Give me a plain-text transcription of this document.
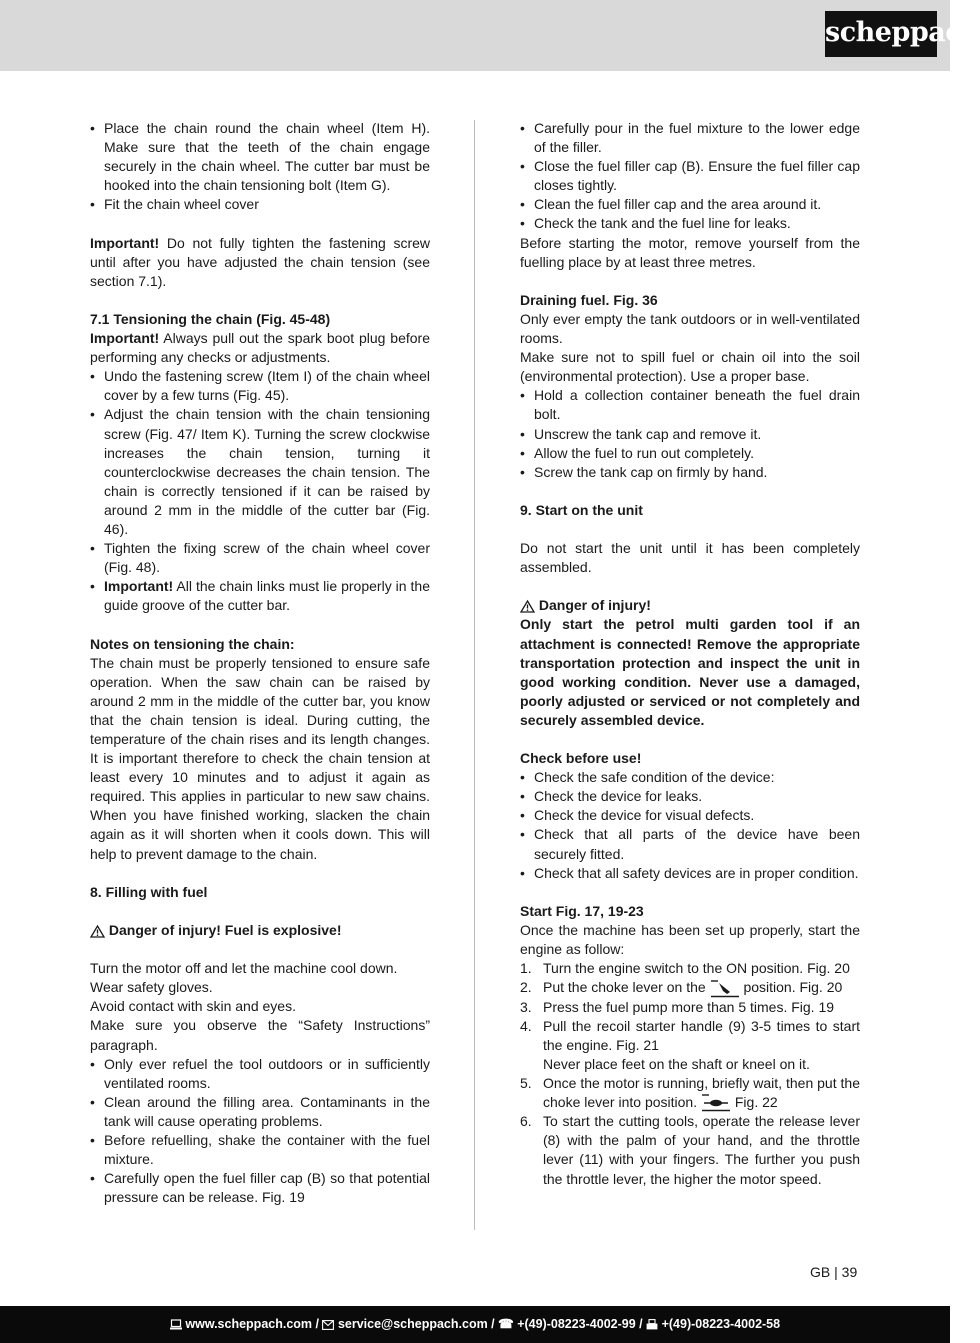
scheppach
• Place the chain round the chain wheel (Item H). Make sure that the teeth of the chain engage securely in the chain wheel. The cutter bar must be hooked into the chain tensioning bolt (Item G).
• Fit the chain wheel cover
Important! Do not fully tighten the fastening screw until after you have adjusted the chain tension (see section 7.1).
7.1 Tensioning the chain (Fig. 45-48)
Important! Always pull out the spark boot plug before performing any checks or adjustments.
• Undo the fastening screw (Item I) of the chain wheel cover by a few turns (Fig. 45).
• Adjust the chain tension with the chain tensioning screw (Fig. 47/ Item K). Turning the screw clockwise increases the chain tension, turning it counterclockwise decreases the chain tension. The chain is correctly tensioned if it can be raised by around 2 mm in the middle of the cutter bar (Fig. 46).
• Tighten the fixing screw of the chain wheel cover (Fig. 48).
• Important! All the chain links must lie properly in the guide groove of the cutter bar.
Notes on tensioning the chain:
The chain must be properly tensioned to ensure safe operation. When the saw chain can be raised by around 2 mm in the middle of the cutter bar, you know that the chain tension is ideal. During cutting, the temperature of the chain rises and its length changes. It is important therefore to check the chain tension at least every 10 minutes and to adjust it again as required. This applies in particular to new saw chains. When you have finished working, slacken the chain again as it will shorten when it cools down. This will help to prevent damage to the chain.
8. Filling with fuel
Danger of injury! Fuel is explosive!
Turn the motor off and let the machine cool down.
Wear safety gloves.
Avoid contact with skin and eyes.
Make sure you observe the “Safety Instructions” paragraph.
• Only ever refuel the tool outdoors or in sufficiently ventilated rooms.
• Clean around the filling area. Contaminants in the tank will cause operating problems.
• Before refuelling, shake the container with the fuel mixture.
• Carefully open the fuel filler cap (B) so that potential pressure can be release. Fig. 19
• Carefully pour in the fuel mixture to the lower edge of the filler.
• Close the fuel filler cap (B). Ensure the fuel filler cap closes tightly.
• Clean the fuel filler cap and the area around it.
• Check the tank and the fuel line for leaks.
Before starting the motor, remove yourself from the fuelling place by at least three metres.
Draining fuel. Fig. 36
Only ever empty the tank outdoors or in well-ventilated rooms.
Make sure not to spill fuel or chain oil into the soil (environmental protection). Use a proper base.
• Hold a collection container beneath the fuel drain bolt.
• Unscrew the tank cap and remove it.
• Allow the fuel to run out completely.
• Screw the tank cap on firmly by hand.
9. Start on the unit
Do not start the unit until it has been completely assembled.
Danger of injury!
Only start the petrol multi garden tool if an attachment is connected! Remove the appropriate transportation protection and inspect the unit in good working condition. Never use a damaged, poorly adjusted or serviced or not completely and securely assembled device.
Check before use!
• Check the safe condition of the device:
• Check the device for leaks.
• Check the device for visual defects.
• Check that all parts of the device have been securely fitted.
• Check that all safety devices are in proper condition.
Start Fig. 17, 19-23
Once the machine has been set up properly, start the engine as follow:
1. Turn the engine switch to the ON position. Fig. 20
2. Put the choke lever on the  position. Fig. 20
3. Press the fuel pump more than 5 times. Fig. 19
4. Pull the recoil starter handle (9) 3-5 times to start the engine. Fig. 21
Never place feet on the shaft or kneel on it.
5. Once the motor is running, briefly wait, then put the choke lever into position.  Fig. 22
6. To start the cutting tools, operate the release lever (8) with the palm of your hand, and the throttle lever (11) with your fingers. The further you push the throttle lever, the higher the motor speed.
GB | 39
www.scheppach.com /  service@scheppach.com / ☎ +(49)-08223-4002-99 /  +(49)-08223-4002-58
